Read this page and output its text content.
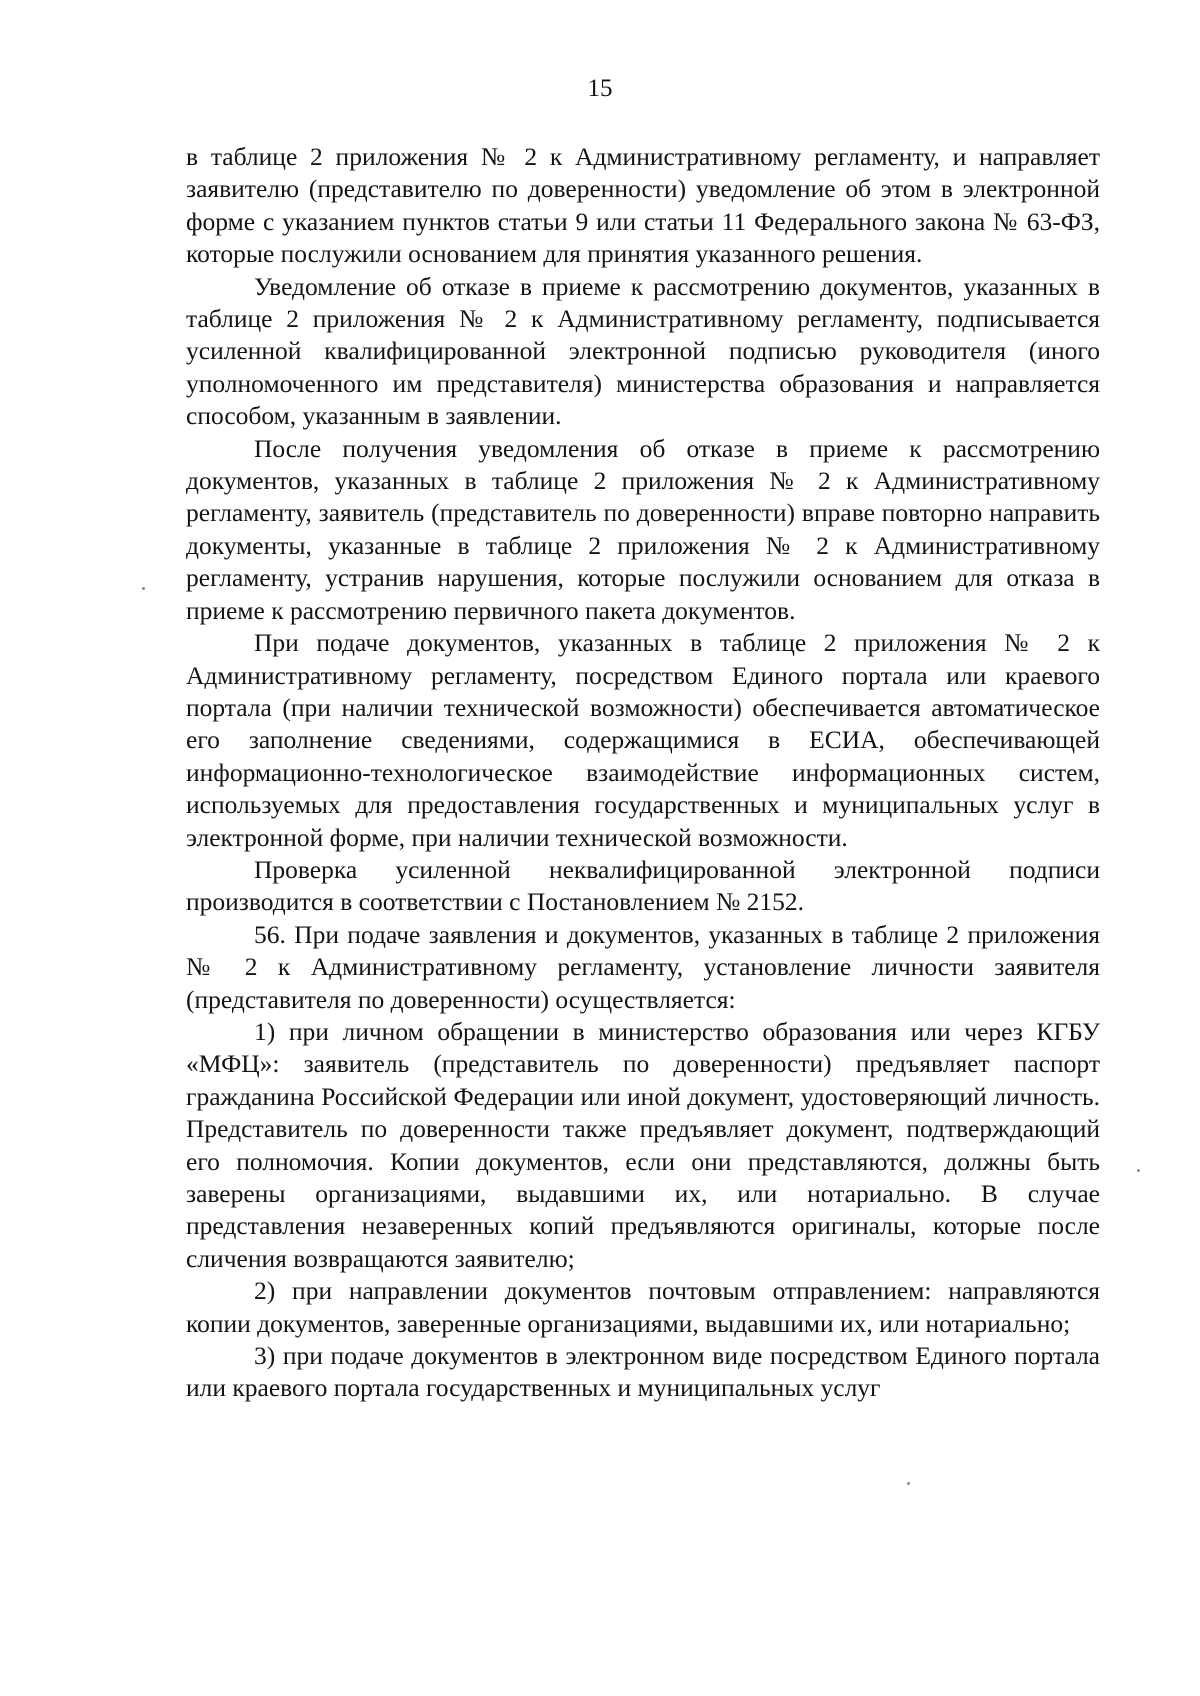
15

в таблице 2 приложения № 2 к Административному регламенту, и направляет заявителю (представителю по доверенности) уведомление об этом в электронной форме с указанием пунктов статьи 9 или статьи 11 Федерального закона № 63-ФЗ, которые послужили основанием для принятия указанного решения.

Уведомление об отказе в приеме к рассмотрению документов, указанных в таблице 2 приложения № 2 к Административному регламенту, подписывается усиленной квалифицированной электронной подписью руководителя (иного уполномоченного им представителя) министерства образования и направляется способом, указанным в заявлении.

После получения уведомления об отказе в приеме к рассмотрению документов, указанных в таблице 2 приложения № 2 к Административному регламенту, заявитель (представитель по доверенности) вправе повторно направить документы, указанные в таблице 2 приложения № 2 к Административному регламенту, устранив нарушения, которые послужили основанием для отказа в приеме к рассмотрению первичного пакета документов.

При подаче документов, указанных в таблице 2 приложения № 2 к Административному регламенту, посредством Единого портала или краевого портала (при наличии технической возможности) обеспечивается автоматическое его заполнение сведениями, содержащимися в ЕСИА, обеспечивающей информационно-технологическое взаимодействие информационных систем, используемых для предоставления государственных и муниципальных услуг в электронной форме, при наличии технической возможности.

Проверка усиленной неквалифицированной электронной подписи производится в соответствии с Постановлением № 2152.

56. При подаче заявления и документов, указанных в таблице 2 приложения № 2 к Административному регламенту, установление личности заявителя (представителя по доверенности) осуществляется:

1) при личном обращении в министерство образования или через КГБУ «МФЦ»: заявитель (представитель по доверенности) предъявляет паспорт гражданина Российской Федерации или иной документ, удостоверяющий личность. Представитель по доверенности также предъявляет документ, подтверждающий его полномочия. Копии документов, если они представляются, должны быть заверены организациями, выдавшими их, или нотариально. В случае представления незаверенных копий предъявляются оригиналы, которые после сличения возвращаются заявителю;

2) при направлении документов почтовым отправлением: направляются копии документов, заверенные организациями, выдавшими их, или нотариально;

3) при подаче документов в электронном виде посредством Единого портала или краевого портала государственных и муниципальных услуг
